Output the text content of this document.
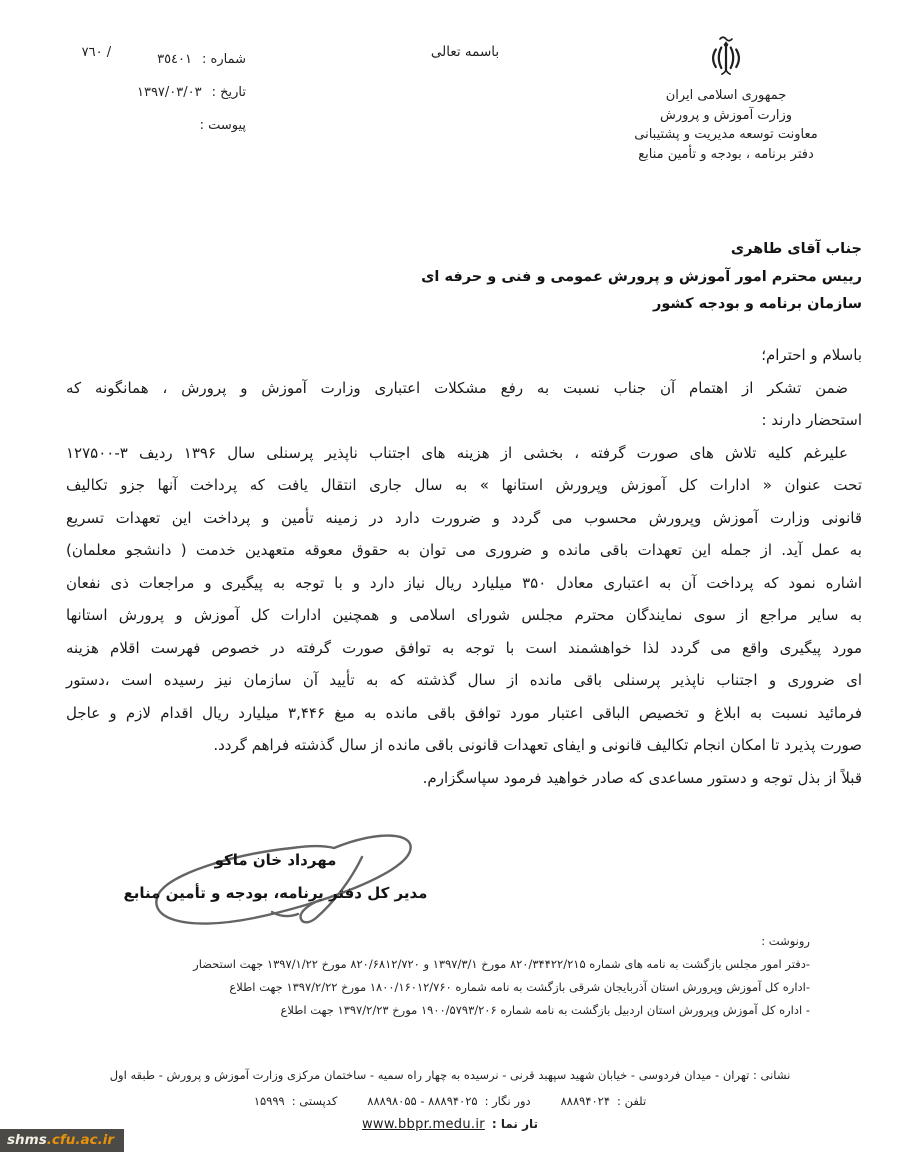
جمهوری اسلامی ایران
وزارت آموزش و پرورش
معاونت توسعه مدیریت و پشتیبانی
دفتر برنامه ، بودجه و تأمین منابع
باسمه تعالی
شماره :
٣٥٤٠١
/ ٧٦٠
تاریخ :
١٣٩٧/٠٣/٠٣
پیوست :
جناب آقای طاهری
رییس محترم امور آموزش و پرورش عمومی و فنی و حرفه ای
سازمان برنامه و بودجه کشور
باسلام و احترام؛
ضمن تشکر از اهتمام آن جناب نسبت به رفع مشکلات اعتباری وزارت آموزش و پرورش ، همانگونه که
استحضار دارند :
علیرغم کلیه تلاش های صورت گرفته ، بخشی از هزینه های اجتناب ناپذیر پرسنلی سال ۱۳۹۶ ردیف ۳-۱۲۷۵۰۰
تحت عنوان « ادارات کل آموزش وپرورش استانها » به سال جاری انتقال یافت که پرداخت آنها جزو تکالیف
قانونی وزارت آموزش وپرورش محسوب می گردد و ضرورت دارد در زمینه تأمین و پرداخت این تعهدات تسریع
به عمل آید. از جمله این تعهدات باقی مانده و ضروری می توان به حقوق معوقه متعهدین خدمت ( دانشجو معلمان)
اشاره نمود که پرداخت آن به اعتباری معادل ۳۵۰ میلیارد ریال نیاز دارد و با توجه به پیگیری و مراجعات ذی نفعان
به سایر مراجع از سوی نمایندگان محترم مجلس شورای اسلامی و همچنین ادارات کل آموزش و پرورش استانها
مورد پیگیری واقع می گردد لذا خواهشمند است با توجه به توافق صورت گرفته در خصوص فهرست اقلام هزینه
ای ضروری و اجتناب ناپذیر پرسنلی باقی مانده از سال گذشته که به تأیید آن سازمان نیز رسیده است ،دستور
فرمائید نسبت به ابلاغ و تخصیص الباقی اعتبار مورد توافق باقی مانده به مبغ ۳,۴۴۶ میلیارد ریال اقدام لازم و عاجل
صورت پذیرد تا امکان انجام تکالیف قانونی و ایفای تعهدات قانونی باقی مانده از سال گذشته فراهم گردد.
قبلاً از بذل توجه و دستور مساعدی که صادر خواهید فرمود سپاسگزارم.
مهرداد خان ماکو
مدیر کل دفتر برنامه، بودجه و تأمین منابع
رونوشت :
-دفتر امور مجلس بازگشت به نامه های شماره ۸۲۰/۳۴۴۲۲/۲۱۵ مورخ ۱۳۹۷/۳/۱ و ۸۲۰/۶۸۱۲/۷۲۰ مورخ ۱۳۹۷/۱/۲۲ جهت استحضار
-اداره کل آموزش وپرورش استان آذربایجان شرقی بازگشت به نامه شماره ۱۸۰۰/۱۶۰۱۲/۷۶۰ مورخ ۱۳۹۷/۲/۲۲ جهت اطلاع
- اداره کل آموزش وپرورش استان اردبیل بازگشت به نامه شماره ۱۹۰۰/۵۷۹۳/۲۰۶ مورخ ۱۳۹۷/۲/۲۳ جهت اطلاع
نشانی : تهران - میدان فردوسی - خیابان شهید سپهبد قرنی - نرسیده به چهار راه سمیه - ساختمان مرکزی وزارت آموزش و پرورش - طبقه اول
تلفن :
۸۸۸۹۴۰۲۴
دور نگار :
۸۸۸۹۸۰۵۵ - ۸۸۸۹۴۰۲۵
کدپستی :
۱۵۹۹۹
تار نما :
www.bbpr.medu.ir
shms.cfu.ac.ir
